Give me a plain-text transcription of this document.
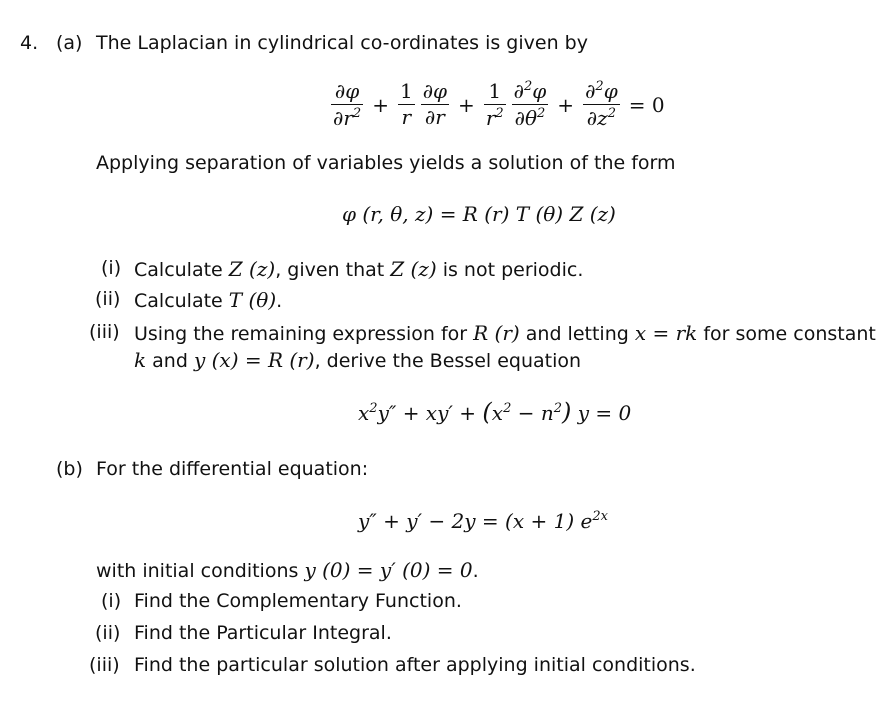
4. (a) The Laplacian in cylindrical co-ordinates is given by
$\frac{\partial\varphi}{\partial r^2} + \frac{1}{r} \frac{\partial\varphi}{\partial r} + \frac{1}{r^2} \frac{\partial^2\varphi}{\partial\theta^2} + \frac{\partial^2\varphi}{\partial z^2} = 0$
Applying separation of variables yields a solution of the form
φ (r, θ, z) = R (r) T (θ) Z (z)
(i) Calculate Z (z), given that Z (z) is not periodic.
(ii) Calculate T (θ).
(iii) Using the remaining expression for R (r) and letting x = rk for some constant
k and y (x) = R (r), derive the Bessel equation
$x^2y'' + xy' + (x^2 - n^2) y = 0$
(b) For the differential equation:
y″ + y′ − 2y = (x + 1) $e^{2x}$
with initial conditions y (0) = y′ (0) = 0.
(i) Find the Complementary Function.
(ii) Find the Particular Integral.
(iii) Find the particular solution after applying initial conditions.
